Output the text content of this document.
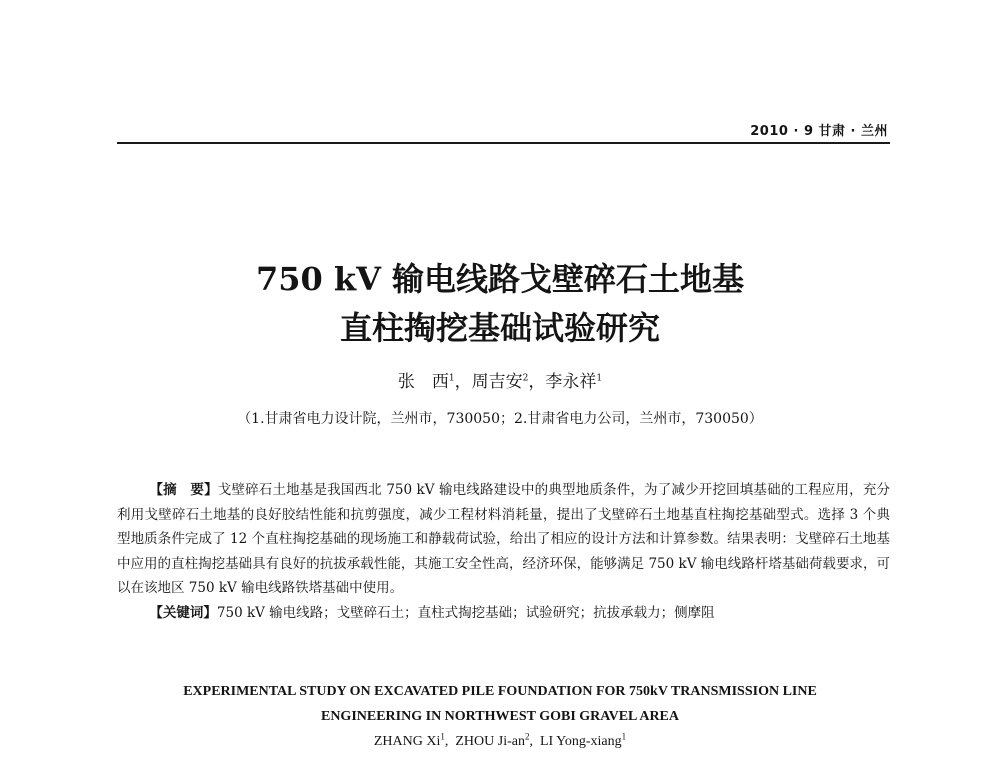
2010 · 9 甘肃 · 兰州
750 kV 输电线路戈壁碎石土地基
直柱掏挖基础试验研究
张　西$^1$，周吉安$^2$，李永祥$^1$
（1.甘肃省电力设计院，兰州市，730050；2.甘肃省电力公司，兰州市，730050）

【摘　要】戈壁碎石土地基是我国西北 750 kV 输电线路建设中的典型地质条件，为了减少开挖回填基础的工程应用，充分利用戈壁碎石土地基的良好胶结性能和抗剪强度，减少工程材料消耗量，提出了戈壁碎石土地基直柱掏挖基础型式。选择 3 个典型地质条件完成了 12 个直柱掏挖基础的现场施工和静载荷试验，给出了相应的设计方法和计算参数。结果表明：戈壁碎石土地基中应用的直柱掏挖基础具有良好的抗拔承载性能，其施工安全性高，经济环保，能够满足 750 kV 输电线路杆塔基础荷载要求，可以在该地区 750 kV 输电线路铁塔基础中使用。

【关键词】750 kV 输电线路；戈壁碎石土；直柱式掏挖基础；试验研究；抗拔承载力；侧摩阻

EXPERIMENTAL STUDY ON EXCAVATED PILE FOUNDATION FOR 750kV TRANSMISSION LINE
ENGINEERING IN NORTHWEST GOBI GRAVEL AREA
ZHANG Xi$^1$,  ZHOU $Ji-an^2$,  LI Yong-xiang$^1$
